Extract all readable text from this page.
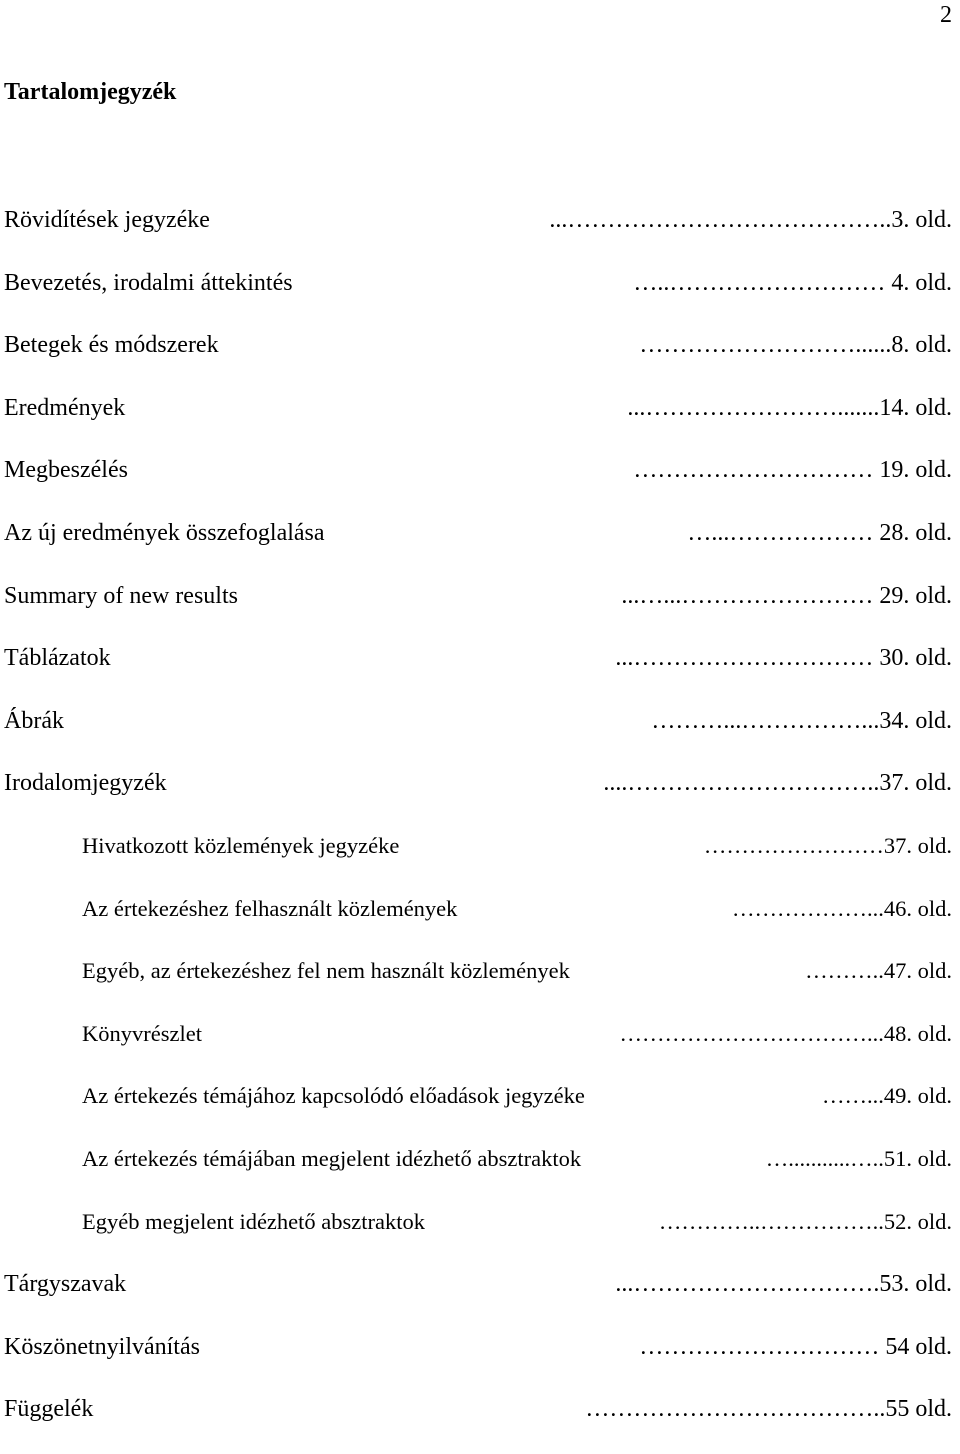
2
Tartalomjegyzék
Rövidítések jegyzéke	...…………………………………..3. old.
Bevezetés, irodalmi áttekintés	…..……………………… 4. old.
Betegek és módszerek	………………………......8. old.
Eredmények	...…………………….......14. old.
Megbeszélés	………………………… 19. old.
Az új eredmények összefoglalása	…...……………… 28. old.
Summary of new results	...…...…………………… 29. old.
Táblázatok	...………………………… 30. old.
Ábrák	………...……………...34. old.
Irodalomjegyzék	....…………………………..37. old.
Hivatkozott közlemények jegyzéke	……………………37. old.
Az értekezéshez felhasznált közlemények	………………...46. old.
Egyéb, az értekezéshez fel nem használt közlemények	………..47. old.
Könyvrészlet	……………………………...48. old.
Az értekezés témájához kapcsolódó előadások jegyzéke	……...49. old.
Az értekezés témájában megjelent idézhető absztraktok	…...........…..51. old.
Egyéb megjelent idézhető absztraktok	…………..……………..52. old.
Tárgyszavak	...………………………….53. old.
Köszönetnyilvánítás	………………………… 54 old.
Függelék	………………………………..55 old.
